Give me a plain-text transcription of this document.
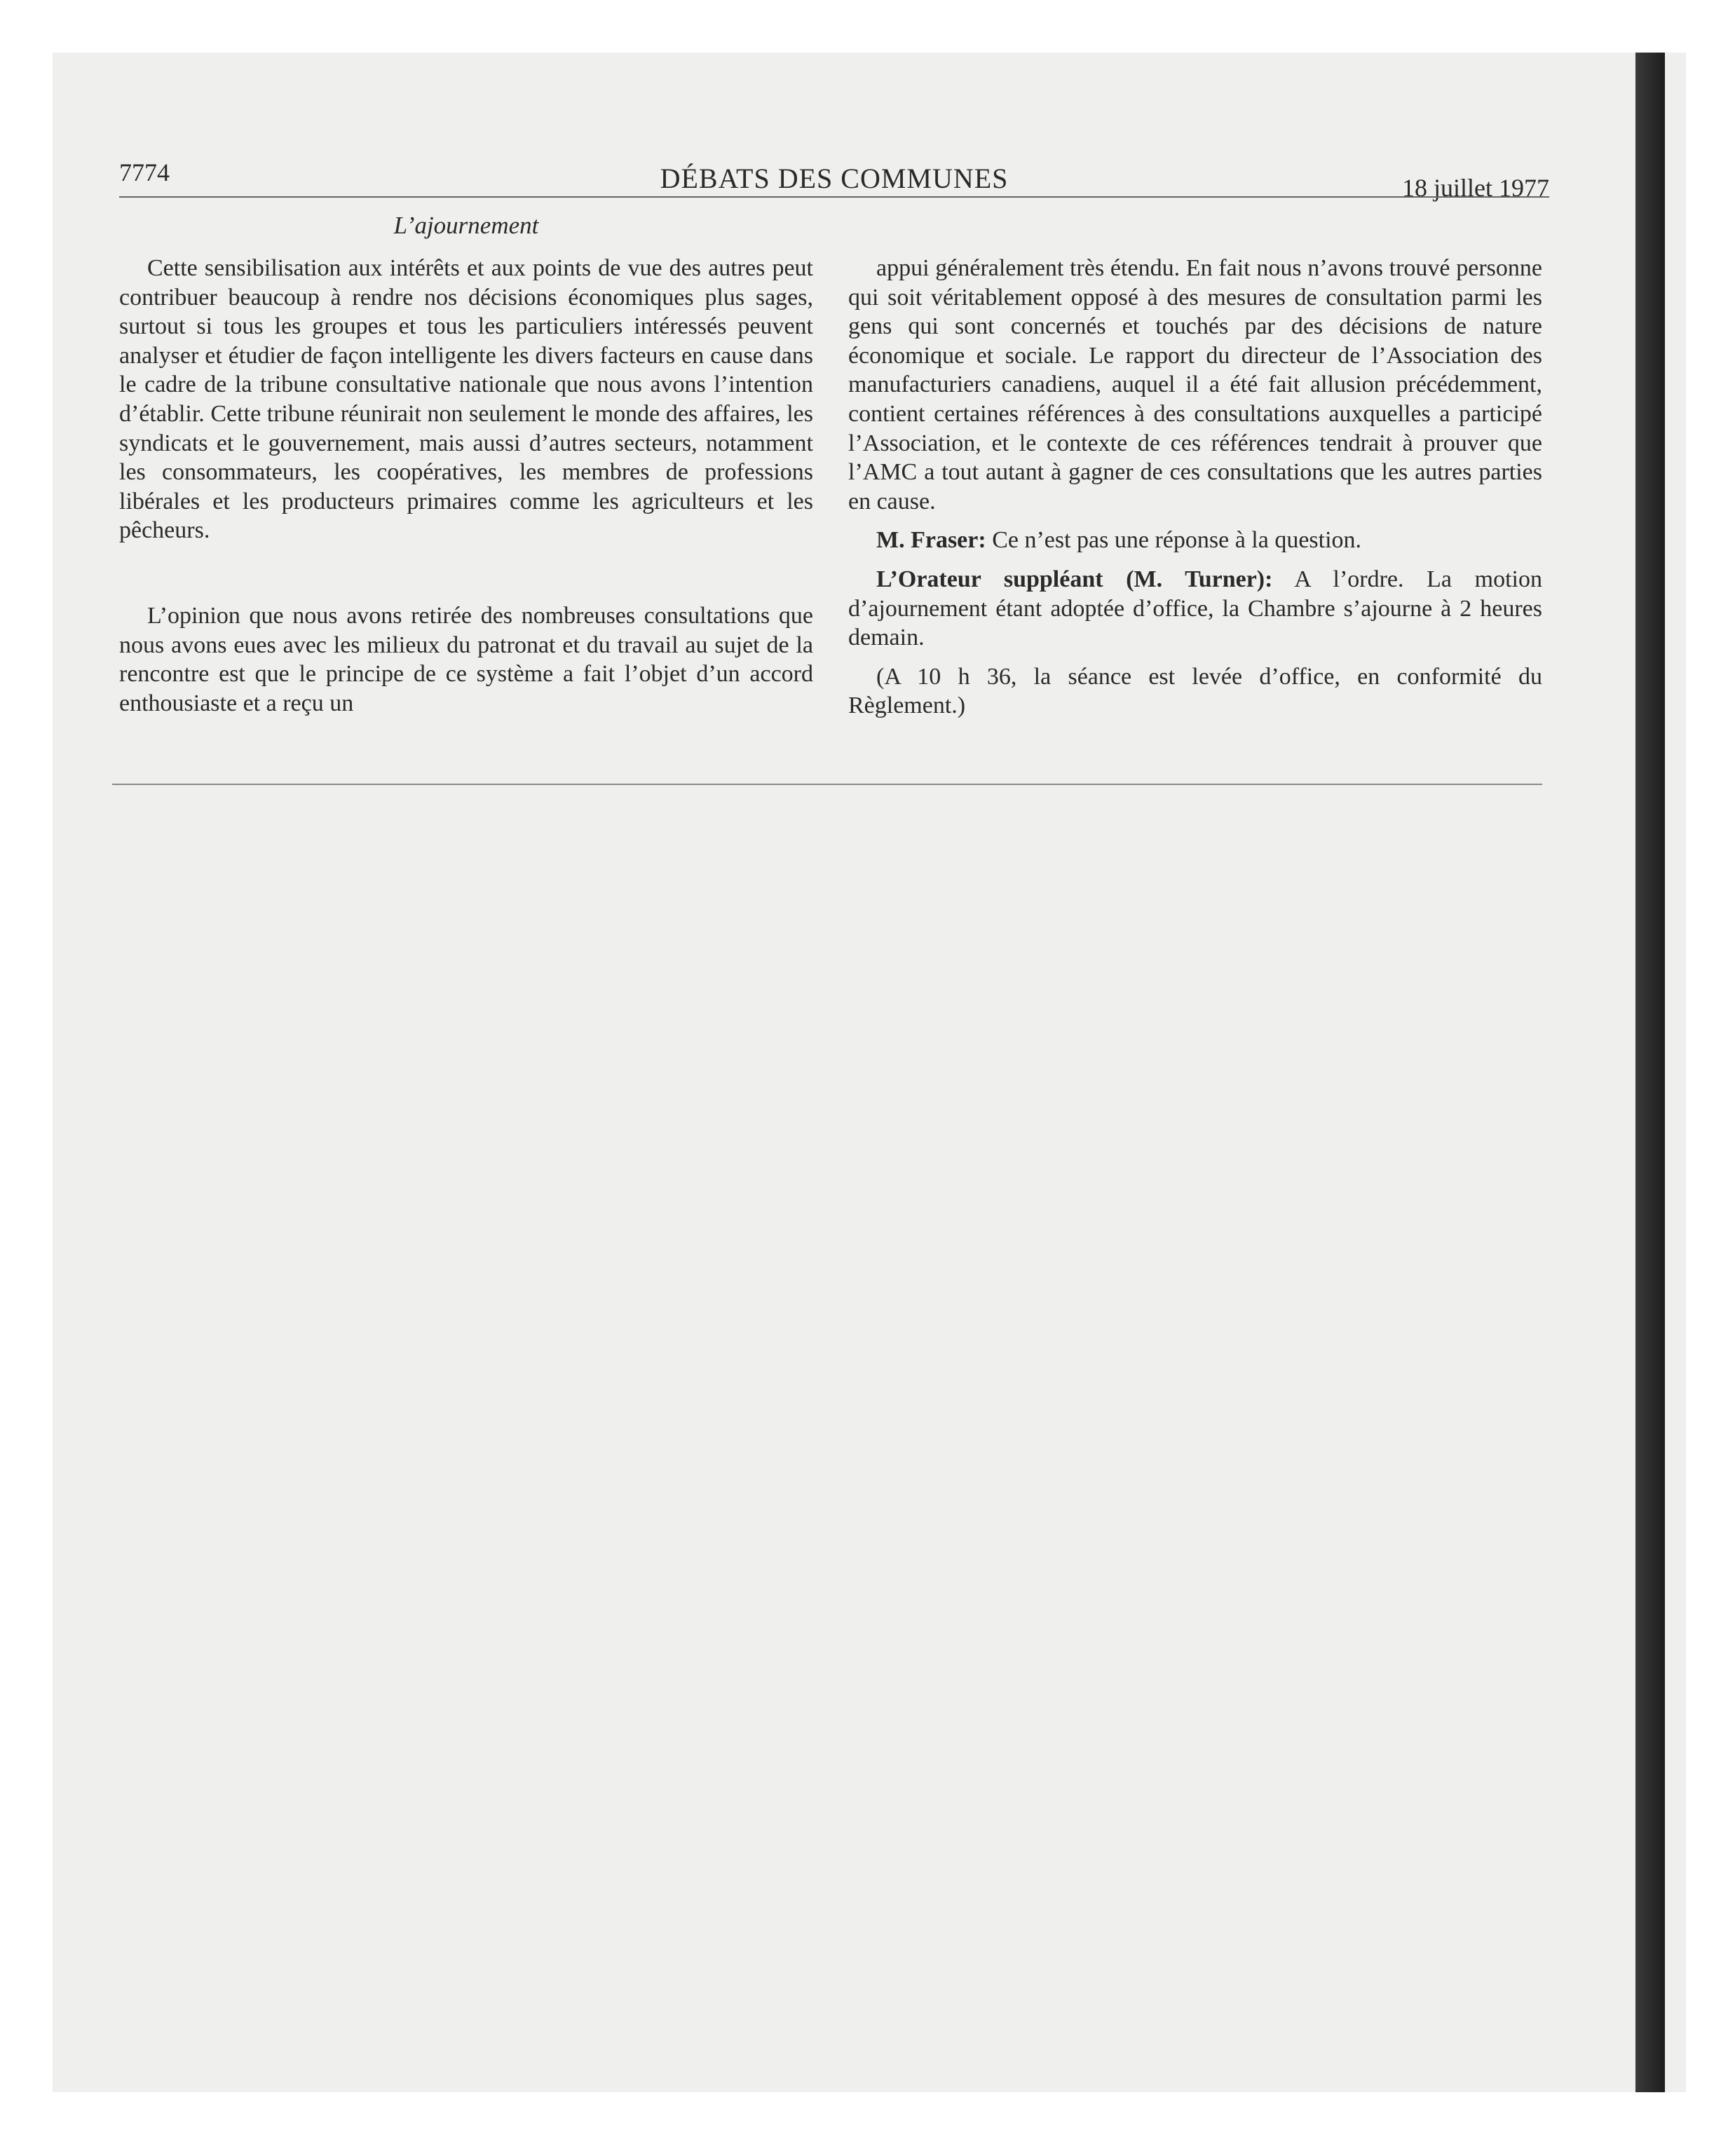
7774	DÉBATS DES COMMUNES	18 juillet 1977
L’ajournement

Cette sensibilisation aux intérêts et aux points de vue des autres peut contribuer beaucoup à rendre nos décisions économiques plus sages, surtout si tous les groupes et tous les particuliers intéressés peuvent analyser et étudier de façon intelligente les divers facteurs en cause dans le cadre de la tribune consultative nationale que nous avons l’intention d’établir. Cette tribune réunirait non seulement le monde des affaires, les syndicats et le gouvernement, mais aussi d’autres secteurs, notamment les consommateurs, les coopératives, les membres de professions libérales et les producteurs primaires comme les agriculteurs et les pêcheurs.

L’opinion que nous avons retirée des nombreuses consultations que nous avons eues avec les milieux du patronat et du travail au sujet de la rencontre est que le principe de ce système a fait l’objet d’un accord enthousiaste et a reçu un

appui généralement très étendu. En fait nous n’avons trouvé personne qui soit véritablement opposé à des mesures de consultation parmi les gens qui sont concernés et touchés par des décisions de nature économique et sociale. Le rapport du directeur de l’Association des manufacturiers canadiens, auquel il a été fait allusion précédemment, contient certaines références à des consultations auxquelles a participé l’Association, et le contexte de ces références tendrait à prouver que l’AMC a tout autant à gagner de ces consultations que les autres parties en cause.

M. Fraser: Ce n’est pas une réponse à la question.

L’Orateur suppléant (M. Turner): A l’ordre. La motion d’ajournement étant adoptée d’office, la Chambre s’ajourne à 2 heures demain.

(A 10 h 36, la séance est levée d’office, en conformité du Règlement.)
